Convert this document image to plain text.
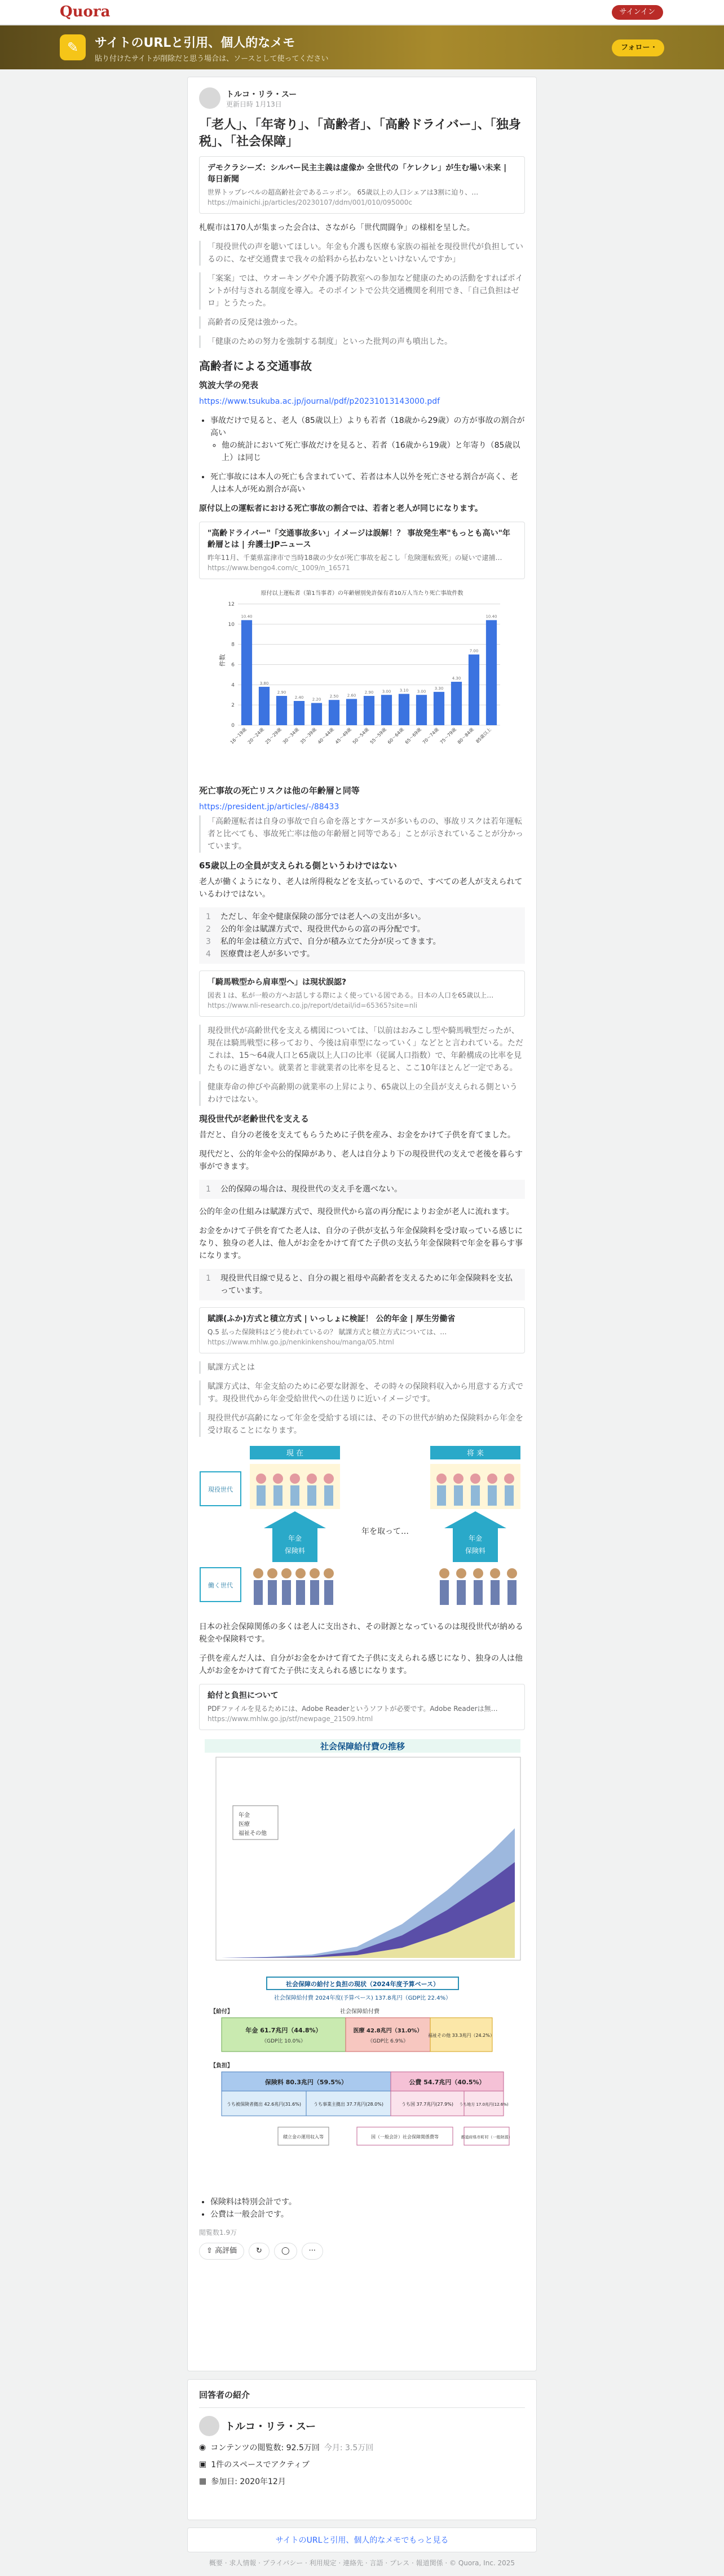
Quora	サインイン
✎	サイトのURLと引用、個人的なメモ
貼り付けたサイトが削除だと思う場合は、ソースとして使ってください
フォロー ·
トルコ・リラ・スー
更新日時 1月13日
「老人」、「年寄り」、「高齢者」、「高齢ドライバー」、「独身税」、「社会保障」
デモクラシーズ：シルバー民主主義は虚像か 全世代の「ケレクレ」が生む場い未来 | 毎日新聞
世界トップレベルの超高齢社会であるニッポン。 65歳以上の人口シェアは3割に迫り、…
https://mainichi.jp/articles/20230107/ddm/001/010/095000c

札幌市は170人が集まった会合は、さながら「世代間闘争」の様相を呈した。

「現役世代の声を聴いてほしい。年金も介護も医療も家族の福祉を現役世代が負担しているのに、なぜ交通費まで我々の給料から払わないといけないんですか」

「案案」では、ウオーキングや介護予防教室への参加など健康のための活動をすればポイントが付与される制度を導入。そのポイントで公共交通機関を利用でき、「自己負担はゼロ」とうたった。

高齢者の反発は強かった。

「健康のための努力を強制する制度」といった批判の声も噴出した。

高齢者による交通事故
筑波大学の発表

https://www.tsukuba.ac.jp/journal/pdf/p20231013143000.pdf

• 事故だけで見ると、老人（85歳以上）よりも若者（18歳から29歳）の方が事故の割合が高い
◦ 他の統計において死亡事故だけを見ると、若者（16歳から19歳）と年寄り（85歳以上）は同じ
• 死亡事故には本人の死亡も含まれていて、若者は本人以外を死亡させる割合が高く、老人は本人が死ぬ割合が高い

原付以上の運転者における死亡事故の割合では、若者と老人が同じになります。

"高齢ドライバー"「交通事故多い」イメージは誤解！？ 事故発生率"もっとも高い"年齢層とは | 弁護士JPニュース
昨年11月、千葉県富津市で当時18歳の少女が死亡事故を起こし「危険運転致死」の疑いで逮捕…
https://www.bengo4.com/c_1009/n_16571
原付以上運転者（第1当事者）の年齢層別免許保有者10万人当たり死亡事故件数
件数
0
2
4
6
8
10
12
10.40
3.80
2.90
2.40 2.20
2.50 2.60
2.90 3.00 3.10 3.00
3.30
4.30
7.00
10.40
16〜19歳
20〜24歳
25〜29歳
30〜34歳
35〜39歳
40〜44歳
45〜49歳
50〜54歳
55〜59歳
60〜64歳
65〜69歳
70〜74歳
75〜79歳
80〜84歳 85歳以上
死亡事故の死亡リスクは他の年齢層と同等

https://president.jp/articles/-/88433

「高齢運転者は自身の事故で自ら命を落とすケースが多いものの、事故リスクは若年運転者と比べても、事故死亡率は他の年齢層と同等である」ことが示されていることが分かっています。

65歳以上の全員が支えられる側というわけではない

老人が働くようになり、老人は所得税などを支払っているので、すべての老人が支えられているわけではない。

1 ただし、年金や健康保険の部分では老人への支出が多い。
2 公的年金は賦課方式で、現役世代からの富の再分配です。
3 私的年金は積立方式で、自分が積み立てた分が戻ってきます。
4 医療費は老人が多いです。
「騎馬戦型から肩車型へ」は現状誤認?
図表１は、私が一般の方へお話しする際によく使っている図である。日本の人口を65歳以上…
https://www.nli-research.co.jp/report/detail/id=65365?site=nli

現役世代が高齢世代を支える構図については、「以前はおみこし型や騎馬戦型だったが、現在は騎馬戦型に移っており、今後は肩車型になっていく」などとと言われている。ただこれは、15〜64歳人口と65歳以上人口の比率（従属人口指数）で、年齢構成の比率を見たものに過ぎない。就業者と非就業者の比率を見ると、ここ10年ほとんど一定である。

健康寿命の伸びや高齢期の就業率の上昇により、65歳以上の全員が支えられる側というわけではない。

現役世代が老齢世代を支える

昔だと、自分の老後を支えてもらうために子供を産み、お金をかけて子供を育てました。

現代だと、公的年金や公的保障があり、老人は自分より下の現役世代の支えで老後を暮らす事ができます。

1 公的保障の場合は、現役世代の支え手を選べない。

公的年金の仕組みは賦課方式で、現役世代から富の再分配によりお金が老人に流れます。

お金をかけて子供を育てた老人は、自分の子供が支払う年金保険料を受け取っている感じになり、独身の老人は、他人がお金をかけて育てた子供の支払う年金保険料で年金を暮らす事になります。

1 現役世代目線で見ると、自分の親と祖母や高齢者を支えるために年金保険料を支払っています。
賦課(ふか)方式と積立方式 | いっしょに検証！ 公的年金 | 厚生労働省
Q.5 払った保険料はどう使われているの？ 賦課方式と積立方式については、…
https://www.mhlw.go.jp/nenkinkenshou/manga/05.html

賦課方式とは

賦課方式は、年金支給のために必要な財源を、その時々の保険料収入から用意する方式です。現役世代から年金受給世代への仕送りに近いイメージです。

現役世代が高齢になって年金を受給する頃には、その下の世代が納めた保険料から年金を受け取ることになります。

現 在	将 来
現役世代
働く世代
年金
保険料
年を取って…
年金
保険料

日本の社会保障関係の多くは老人に支出され、その財源となっているのは現役世代が納める税金や保険料です。

子供を産んだ人は、自分がお金をかけて育てた子供に支えられる感じになり、独身の人は他人がお金をかけて育てた子供に支えられる感じになります。

給付と負担について
PDFファイルを見るためには、Adobe Readerというソフトが必要です。Adobe Readerは無…
https://www.mhlw.go.jp/stf/newpage_21509.html
社会保障給付費の推移
年金
医療
福祉その他
社会保障の給付と負担の現状（2024年度予算ベース）
社会保障給付費 2024年度(予算ベース) 137.8兆円（GDP比 22.4%）
【給付】	社会保障給付費
年金 61.7兆円（44.8%）
《GDP比 10.0%》
医療 42.8兆円（31.0%）
《GDP比 6.9%》
福祉その他 33.3兆円（24.2%）
【負担】
保険料 80.3兆円（59.5%）	公費 54.7兆円（40.5%）
うち被保険者拠出 42.6兆円(31.6%)	うち事業主拠出 37.7兆円(28.0%)	うち国 37.7兆円(27.9%) うち地方 17.0兆円(12.6%)
積立金の運用収入等	国（一般会計）社会保障関係費等	都道府県市町村（一般財源）
• 保険料は特別会計です。
• 公費は一般会計です。
閲覧数1.9万
⇧ 高評価	↻	◯	···
回答者の紹介
トルコ・リラ・スー
◉ コンテンツの閲覧数: 92.5万回 今月: 3.5万回
▣ 1件のスペースでアクティブ
▦ 参加日: 2020年12月
サイトのURLと引用、個人的なメモでもっと見る
概要 · 求人情報 · プライバシー · 利用規定 · 連絡先 · 言語 · プレス · 報道関係 · © Quora, Inc. 2025
